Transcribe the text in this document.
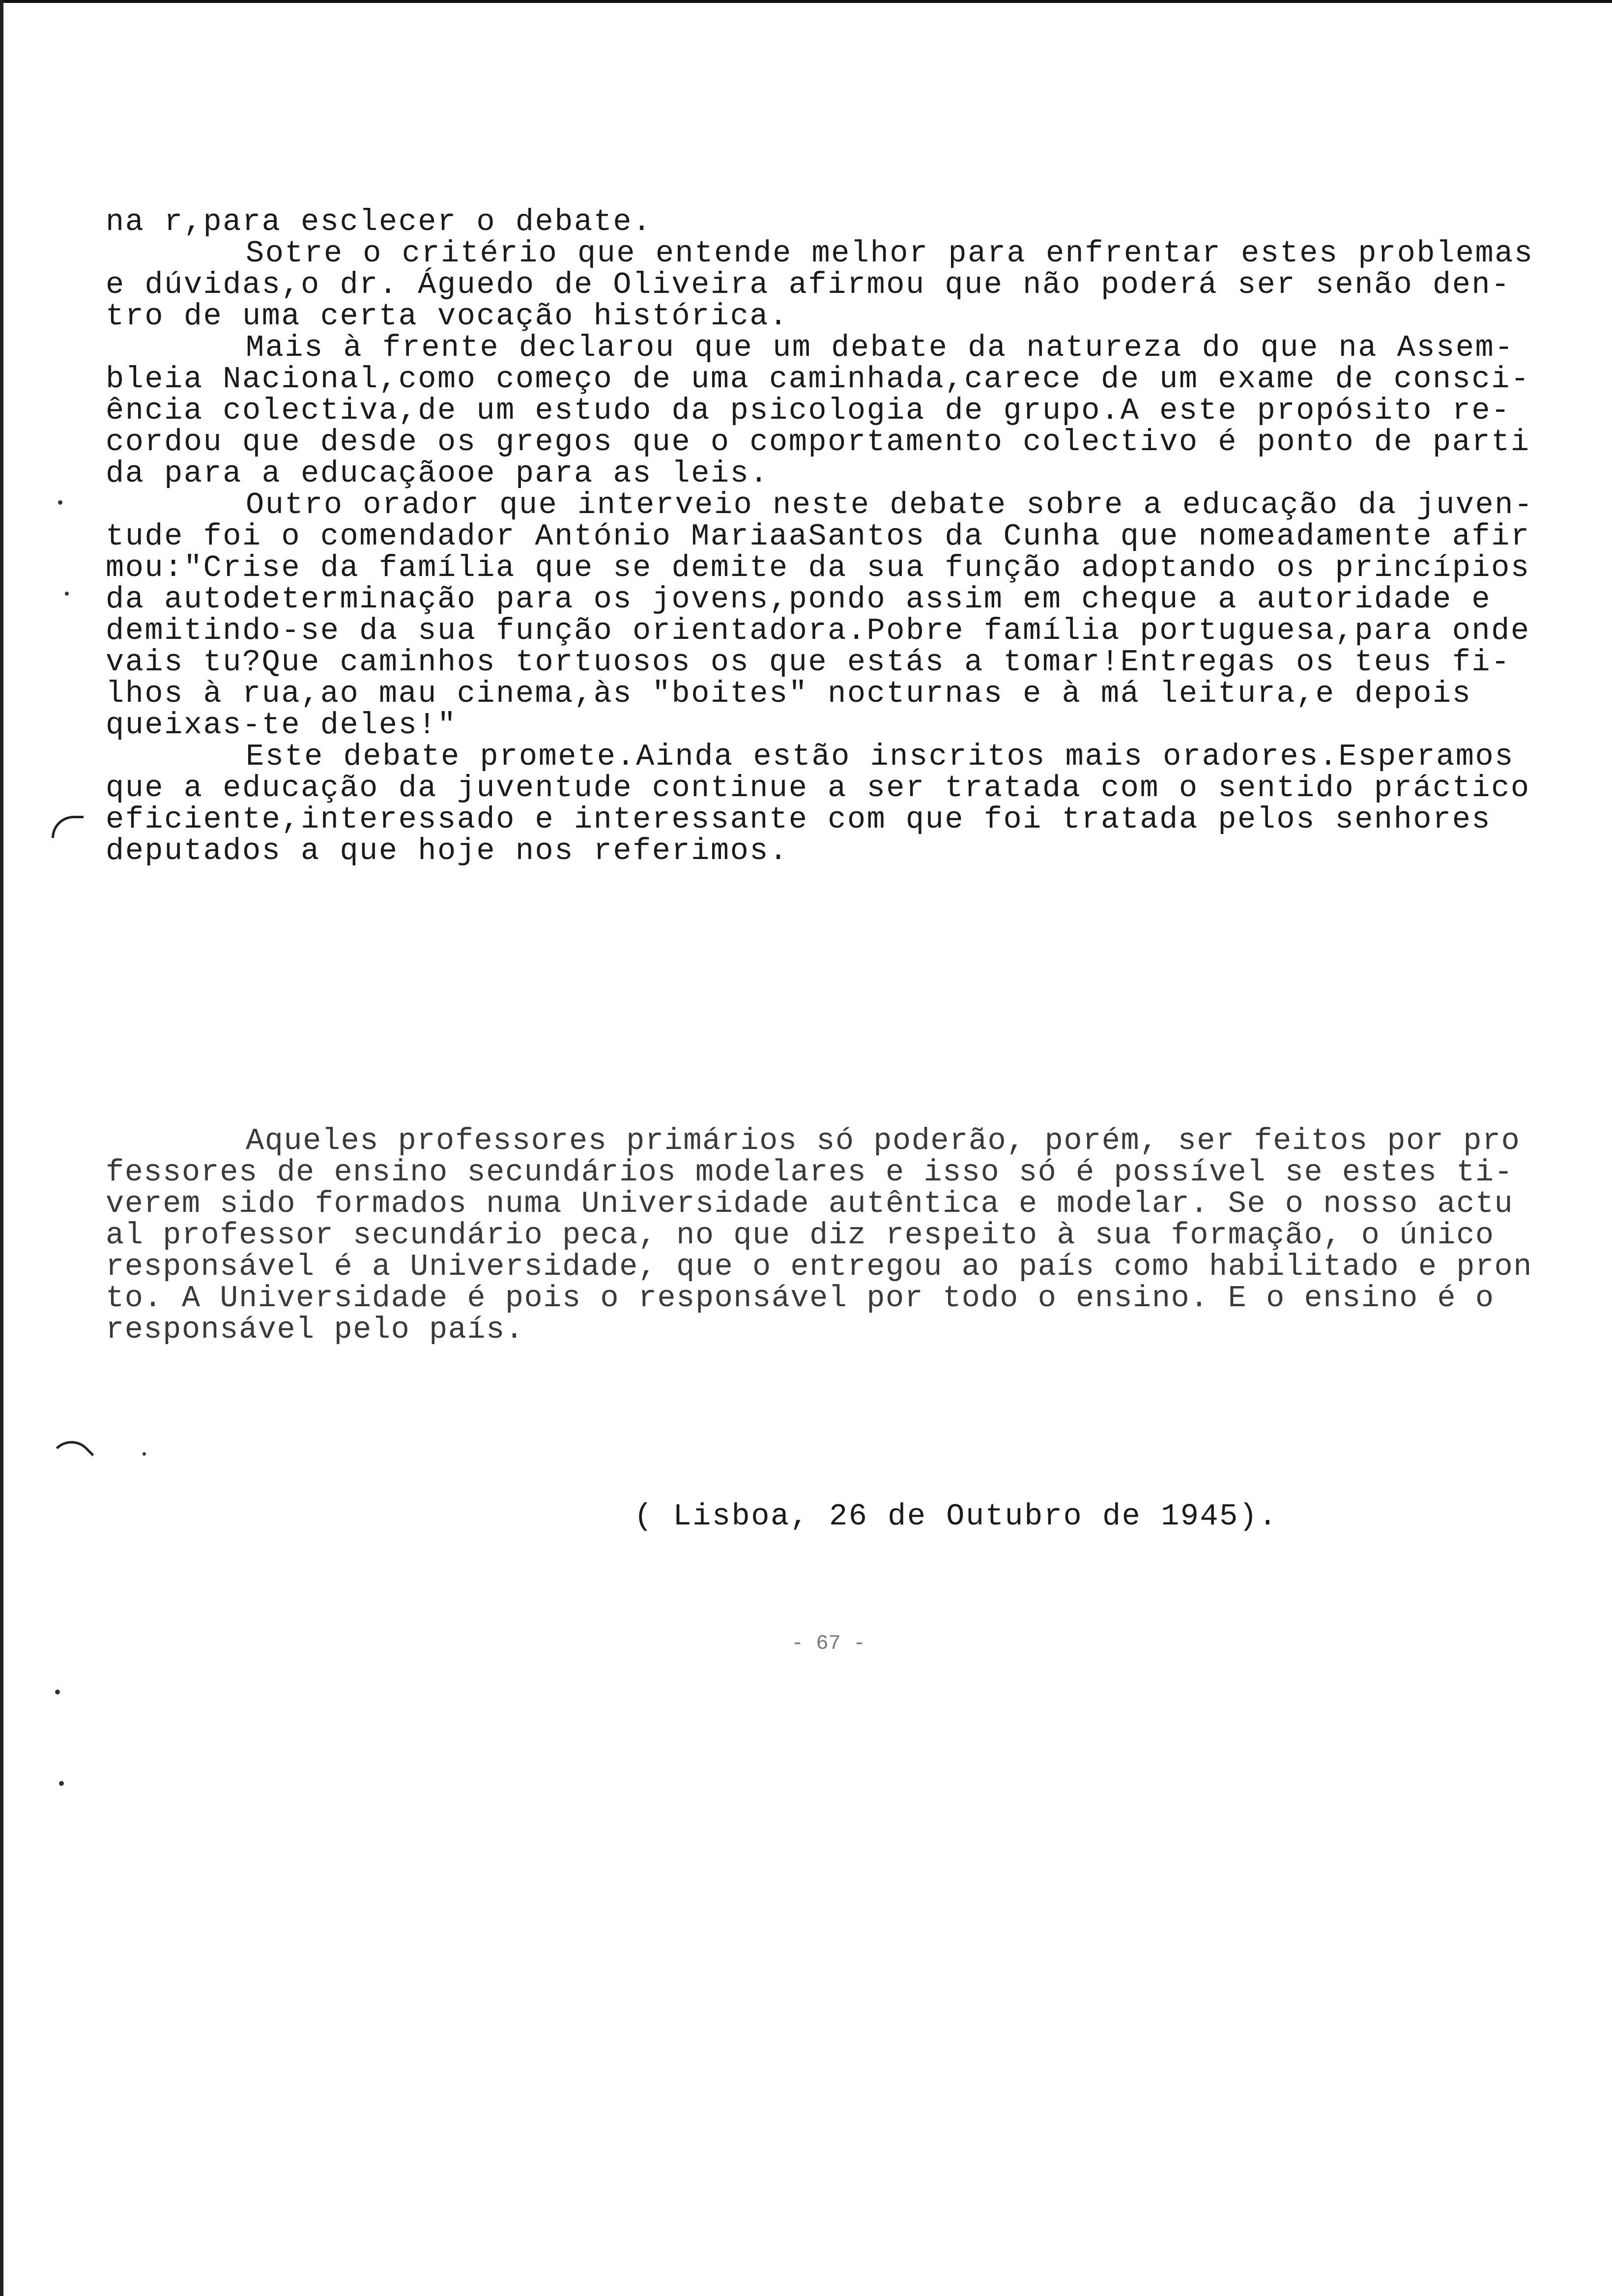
na r,para esclecer o debate.

Sotre o critério que entende melhor para enfrentar estes problemas

e dúvidas,o dr. Águedo de Oliveira afirmou que não poderá ser senão den-

tro de uma certa vocação histórica.

Mais à frente declarou que um debate da natureza do que na Assem-

bleia Nacional,como começo de uma caminhada,carece de um exame de consci-

ência colectiva,de um estudo da psicologia de grupo.A este propósito re-

cordou que desde os gregos que o comportamento colectivo é ponto de parti

da para a educaçãooe para as leis.

Outro orador que interveio neste debate sobre a educação da juven-

tude foi o comendador António MariaaSantos da Cunha que nomeadamente afir

mou:"Crise da família que se demite da sua função adoptando os princípios

da autodeterminação para os jovens,pondo assim em cheque a autoridade e

demitindo-se da sua função orientadora.Pobre família portuguesa,para onde

vais tu?Que caminhos tortuosos os que estás a tomar!Entregas os teus fi-

lhos à rua,ao mau cinema,às "boites" nocturnas e à má leitura,e depois

queixas-te deles!"

Este debate promete.Ainda estão inscritos mais oradores.Esperamos

que a educação da juventude continue a ser tratada com o sentido práctico

eficiente,interessado e interessante com que foi tratada pelos senhores

deputados a que hoje nos referimos.

Aqueles professores primários só poderão, porém, ser feitos por pro

fessores de ensino secundários modelares e isso só é possível se estes ti-

verem sido formados numa Universidade autêntica e modelar. Se o nosso actu

al professor secundário peca, no que diz respeito à sua formação, o único

responsável é a Universidade, que o entregou ao país como habilitado e pron

to. A Universidade é pois o responsável por todo o ensino. E o ensino é o

responsável pelo país.

( Lisboa, 26 de Outubro de 1945).
- 67 -
